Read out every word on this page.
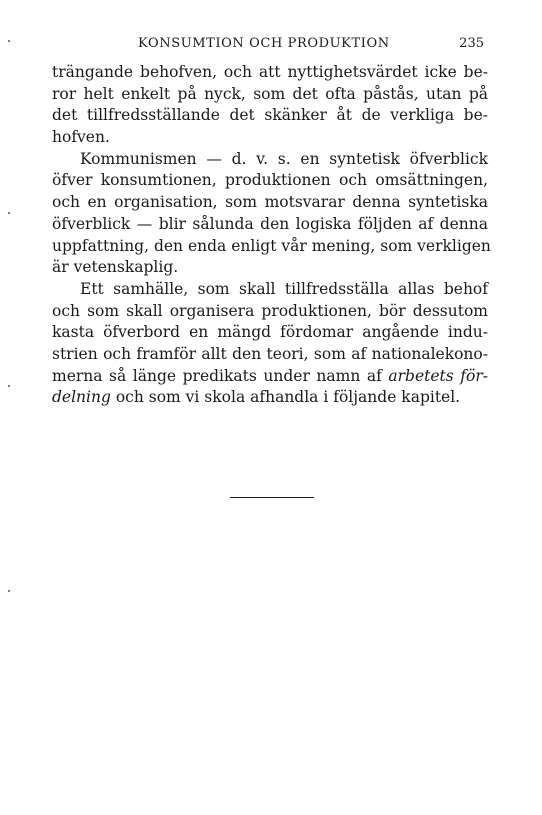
KONSUMTION OCH PRODUKTION	235
trängande behofven, och att nyttighetsvärdet icke be-
ror helt enkelt på nyck, som det ofta påstås, utan på
det tillfredsställande det skänker åt de verkliga be-
hofven.
Kommunismen — d. v. s. en syntetisk öfverblick
öfver konsumtionen, produktionen och omsättningen,
och en organisation, som motsvarar denna syntetiska
öfverblick — blir sålunda den logiska följden af denna
uppfattning, den enda enligt vår mening, som verkligen
är vetenskaplig.
Ett samhälle, som skall tillfredsställa allas behof
och som skall organisera produktionen, bör dessutom
kasta öfverbord en mängd fördomar angående indu-
strien och framför allt den teori, som af nationalekono-
merna så länge predikats under namn af arbetets för-
delning och som vi skola afhandla i följande kapitel.
